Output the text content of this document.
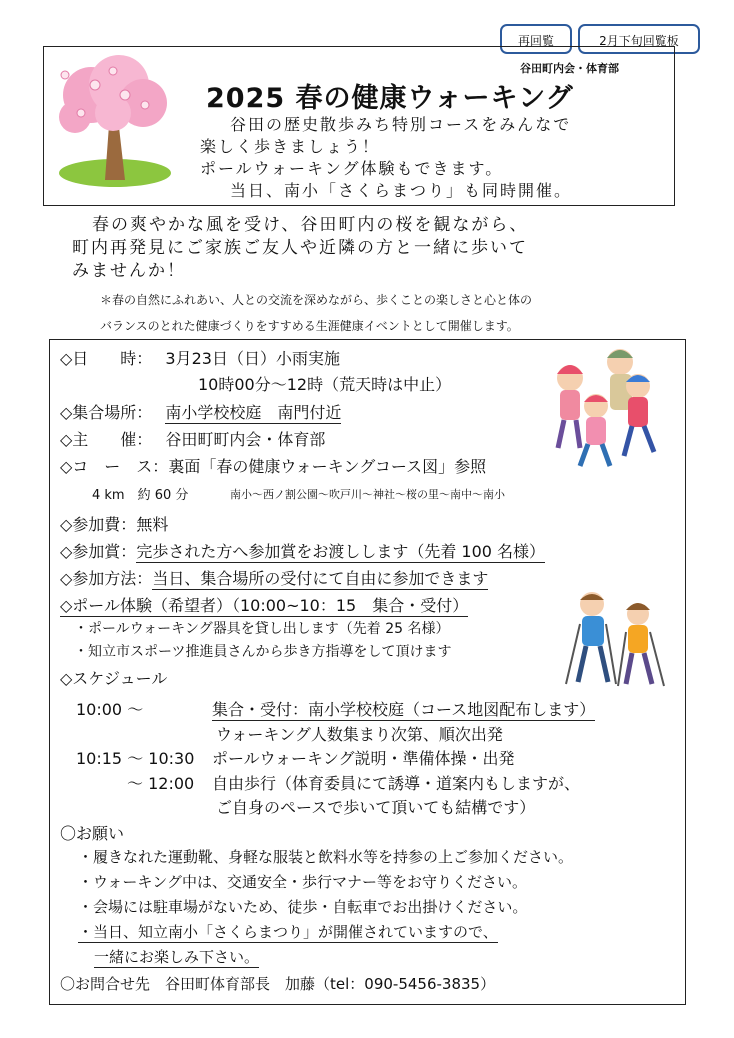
再回覧	2月下旬回覧板
谷田町内会・体育部
2025 春の健康ウォーキング
谷田の歴史散歩みち特別コースをみんなで
楽しく歩きましょう！
ポールウォーキング体験もできます。
当日、南小「さくらまつり」も同時開催。
春の爽やかな風を受け、谷田町内の桜を観ながら、
町内再発見にご家族ご友人や近隣の方と一緒に歩いて
みませんか！
＊春の自然にふれあい、人との交流を深めながら、歩くことの楽しさと心と体の
バランスのとれた健康づくりをすすめる生涯健康イベントとして開催します。
◇日　　時： 3月23日（日）小雨実施
10時00分～12時（荒天時は中止）
◇集合場所： 南小学校校庭　南門付近
◇主　　催： 谷田町町内会・体育部
◇コ　ー　ス：裏面「春の健康ウォーキングコース図」参照
4 km　約 60 分	南小～西ノ割公園～吹戸川～神社～桜の里～南中～南小
◇参加費：無料
◇参加賞：完歩された方へ参加賞をお渡しします（先着 100 名様）
◇参加方法：当日、集合場所の受付にて自由に参加できます
◇ポール体験（希望者）（10:00~10：15　集合・受付）
・ポールウォーキング器具を貸し出します（先着 25 名様）
・知立市スポーツ推進員さんから歩き方指導をして頂けます
◇スケジュール
10:00 ～	集合・受付：南小学校校庭（コース地図配布します）
ウォーキング人数集まり次第、順次出発
10:15 ～ 10:30 ポールウォーキング説明・準備体操・出発
～ 12:00 自由歩行（体育委員にて誘導・道案内もしますが、
ご自身のペースで歩いて頂いても結構です）
〇お願い
・履きなれた運動靴、身軽な服装と飲料水等を持参の上ご参加ください。
・ウォーキング中は、交通安全・歩行マナー等をお守りください。
・会場には駐車場がないため、徒歩・自転車でお出掛けください。
・当日、知立南小「さくらまつり」が開催されていますので、
一緒にお楽しみ下さい。
〇お問合せ先　谷田町体育部長　加藤（tel：090-5456-3835）
